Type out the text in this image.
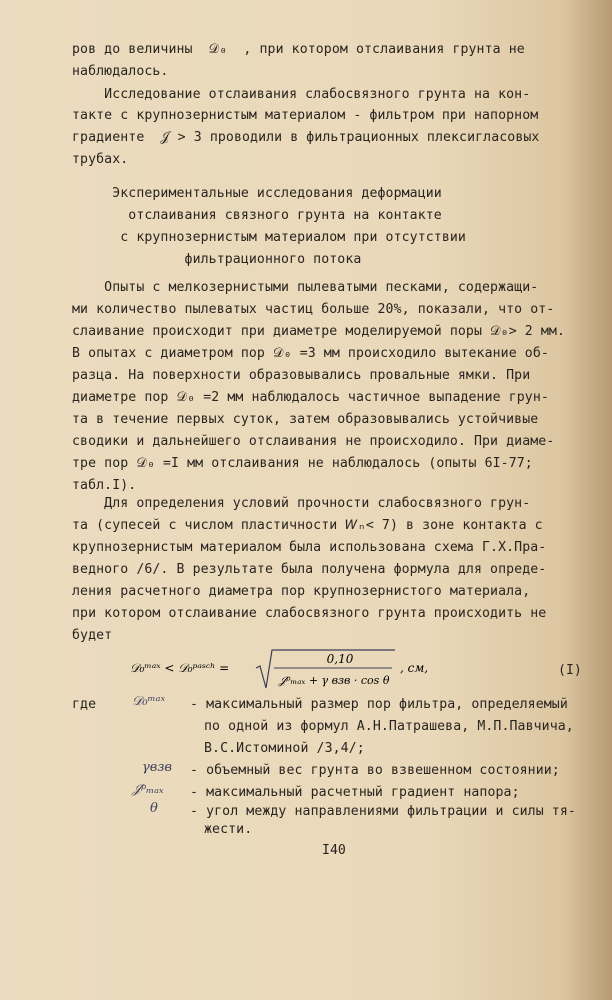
ров до величины  𝒟₀  , при котором отслаивания грунта не
наблюдалось.
Исследование отслаивания слабосвязного грунта на кон-
такте с крупнозернистым материалом - фильтром при напорном
градиенте  𝒥 > 3 проводили в фильтрационных плексигласовых
трубах.
Экспериментальные исследования деформации
отслаивания связного грунта на контакте
с крупнозернистым материалом при отсутствии
фильтрационного потока
Опыты с мелкозернистыми пылеватыми песками, содержащи-
ми количество пылеватых частиц больше 20%, показали, что от-
слаивание происходит при диаметре моделируемой поры 𝒟₀> 2 мм.
В опытах с диаметром пор 𝒟₀ =3 мм происходило вытекание об-
разца. На поверхности образовывались провальные ямки. При
диаметре пор 𝒟₀ =2 мм наблюдалось частичное выпадение грун-
та в течение первых суток, затем образовывались устойчивые
сводики и дальнейшего отслаивания не происходило. При диаме-
тре пор 𝒟₀ =I мм отслаивания не наблюдалось (опыты 6I-77;
табл.I).
Для определения условий прочности слабосвязного грун-
та (супесей с числом пластичности 𝑊ₙ< 7) в зоне контакта с
крупнозернистым материалом была использована схема Г.Х.Пра-
ведного /6/. В результате была получена формула для опреде-
ления расчетного диаметра пор крупнозернистого материала,
при котором отслаивание слабосвязного грунта происходить не
будет
𝒟₀ᵐᵃˣ < 𝒟₀ᵖᵃˢᶜʰ =
0,10
𝒥ᵖₘₐₓ + γ взв · cos θ
, см,	(I)
где	𝒟₀ᵐᵃˣ - максимальный размер пор фильтра, определяемый
по одной из формул А.Н.Патрашева, М.П.Павчича,
В.С.Истоминой /3,4/;
γвзв - объемный вес грунта во взвешенном состоянии;
𝒥ᵖₘₐₓ - максимальный расчетный градиент напора;
θ - угол между направлениями фильтрации и силы тя-
жести.
I40
